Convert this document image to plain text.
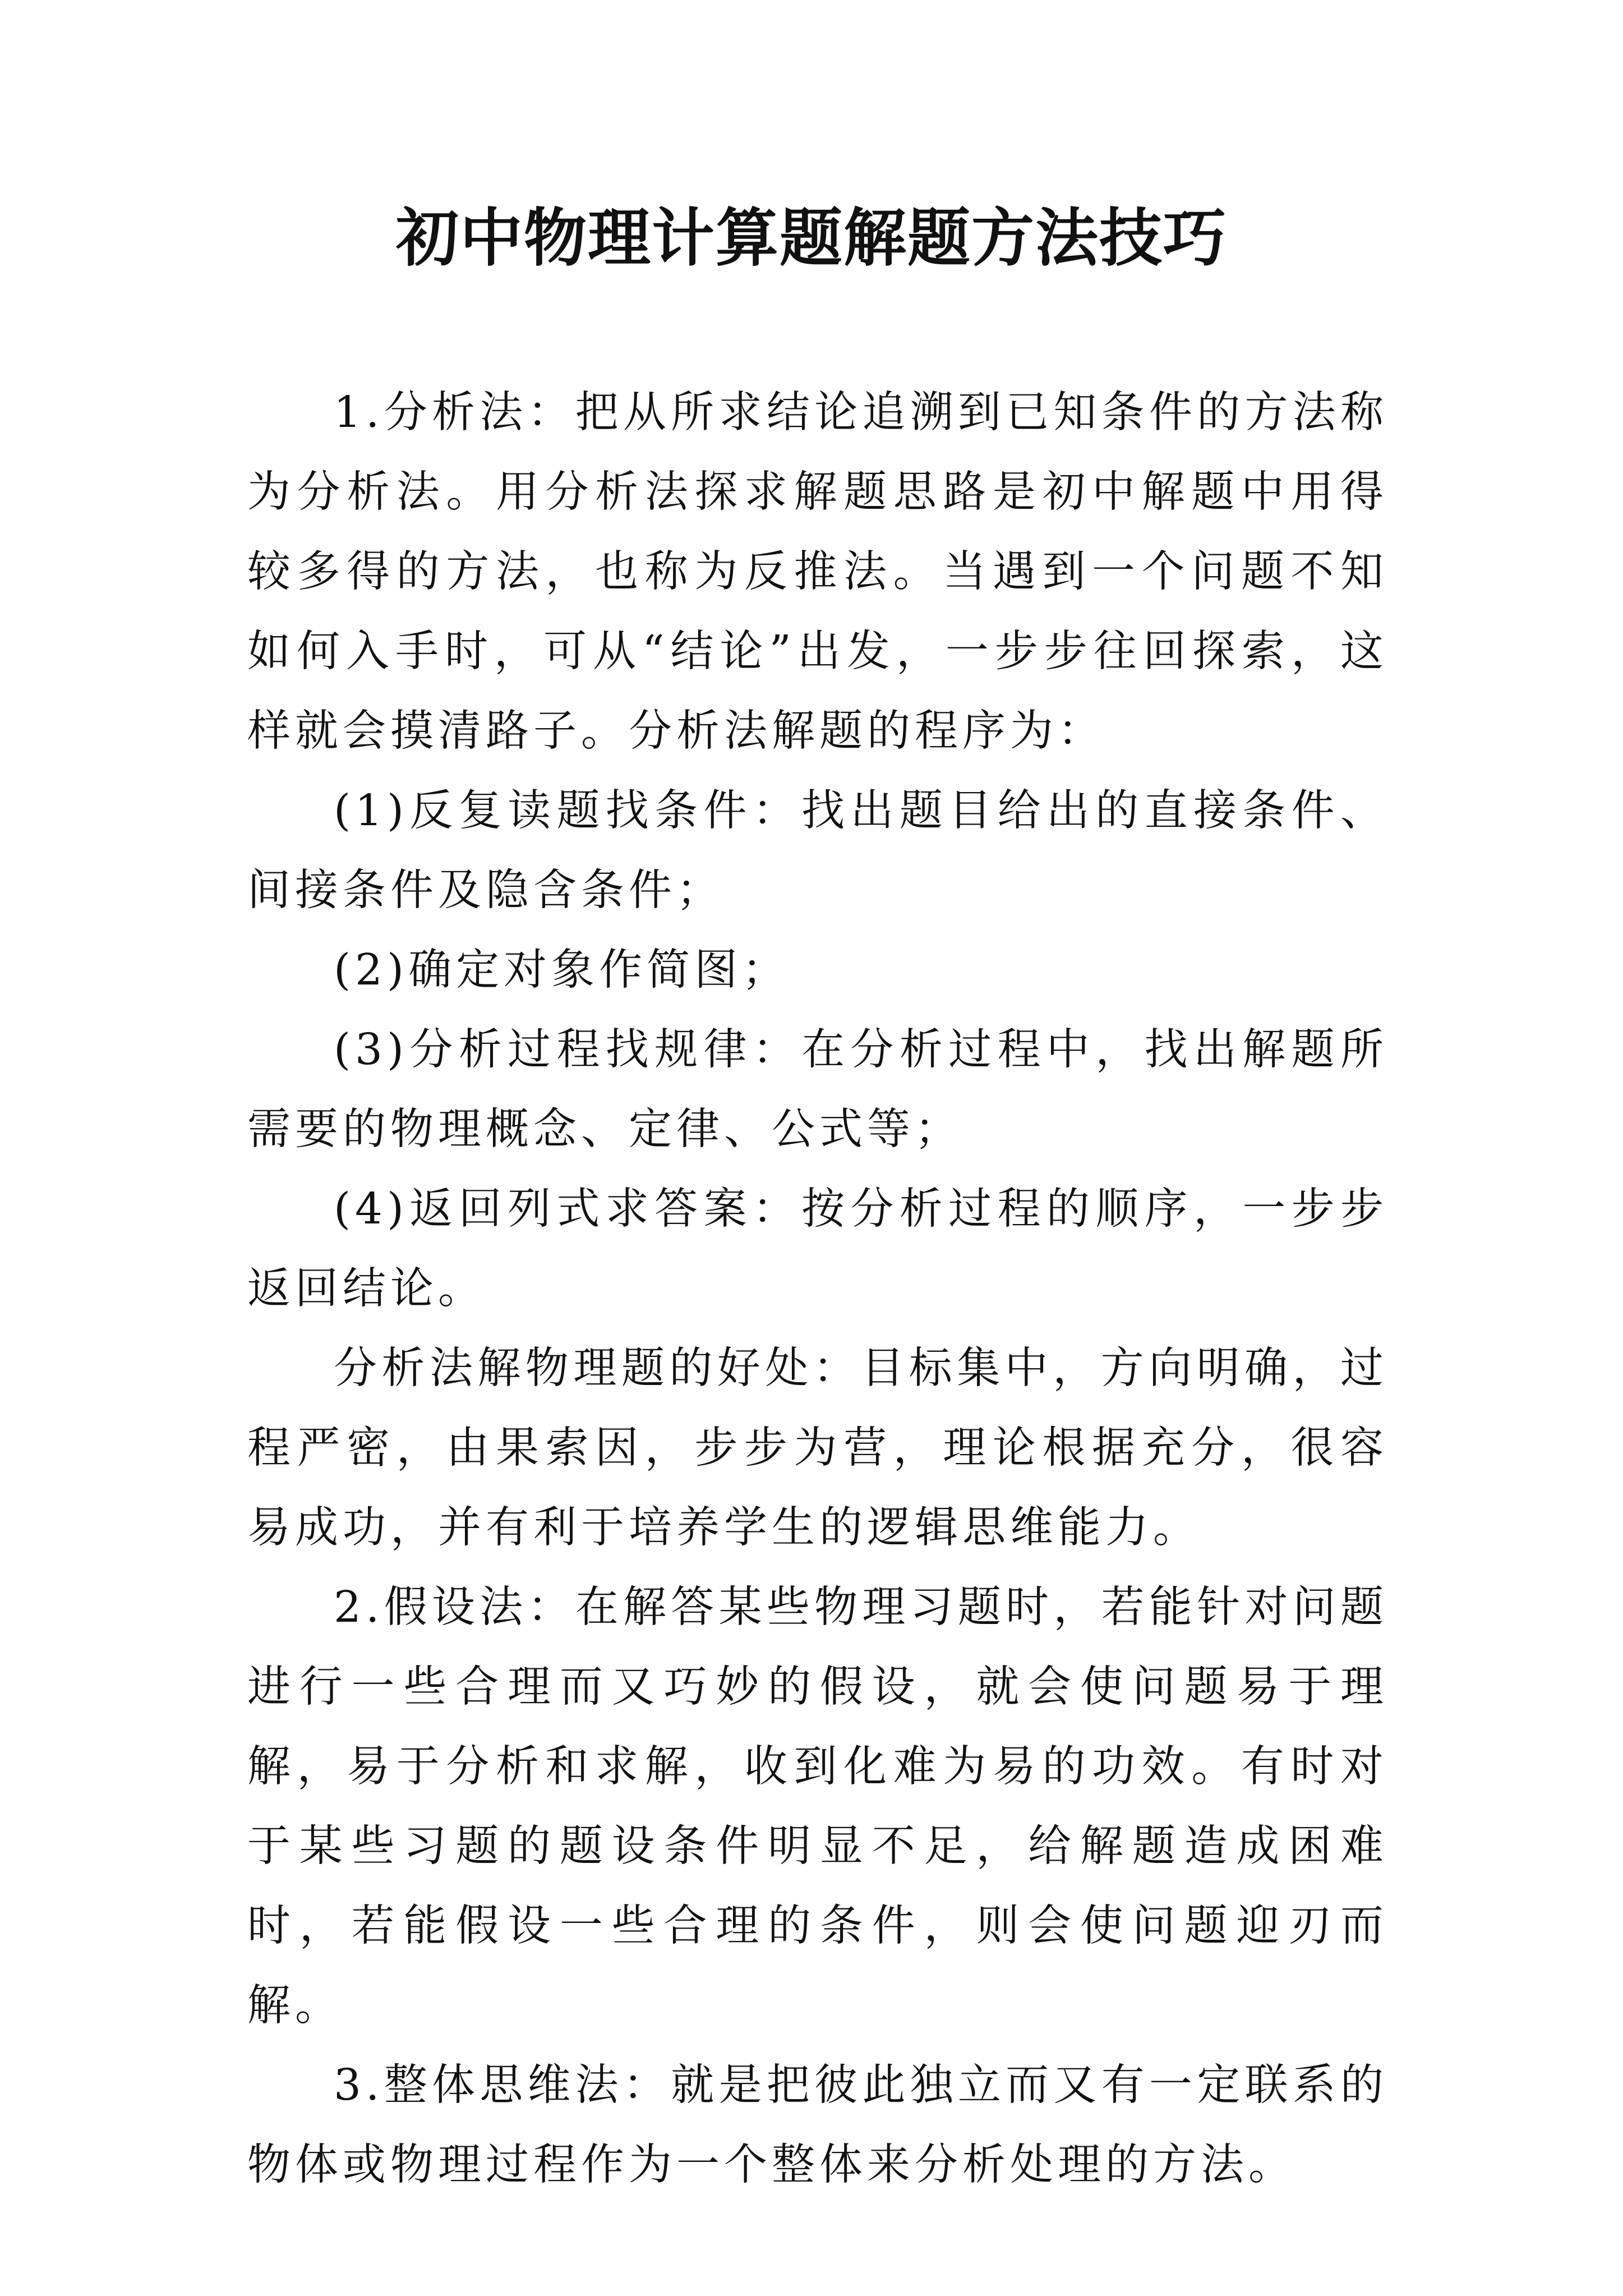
初中物理计算题解题方法技巧

1.分析法：把从所求结论追溯到已知条件的方法称为分析法。用分析法探求解题思路是初中解题中用得较多得的方法，也称为反推法。当遇到一个问题不知如何入手时，可从“结论”出发，一步步往回探索，这样就会摸清路子。分析法解题的程序为：

(1)反复读题找条件：找出题目给出的直接条件、间接条件及隐含条件；

(2)确定对象作简图；

(3)分析过程找规律：在分析过程中，找出解题所需要的物理概念、定律、公式等；

(4)返回列式求答案：按分析过程的顺序，一步步返回结论。

分析法解物理题的好处：目标集中，方向明确，过程严密，由果索因，步步为营，理论根据充分，很容易成功，并有利于培养学生的逻辑思维能力。

2.假设法：在解答某些物理习题时，若能针对问题进行一些合理而又巧妙的假设，就会使问题易于理解，易于分析和求解，收到化难为易的功效。有时对于某些习题的题设条件明显不足，给解题造成困难时，若能假设一些合理的条件，则会使问题迎刃而解。

3.整体思维法：就是把彼此独立而又有一定联系的物体或物理过程作为一个整体来分析处理的方法。
